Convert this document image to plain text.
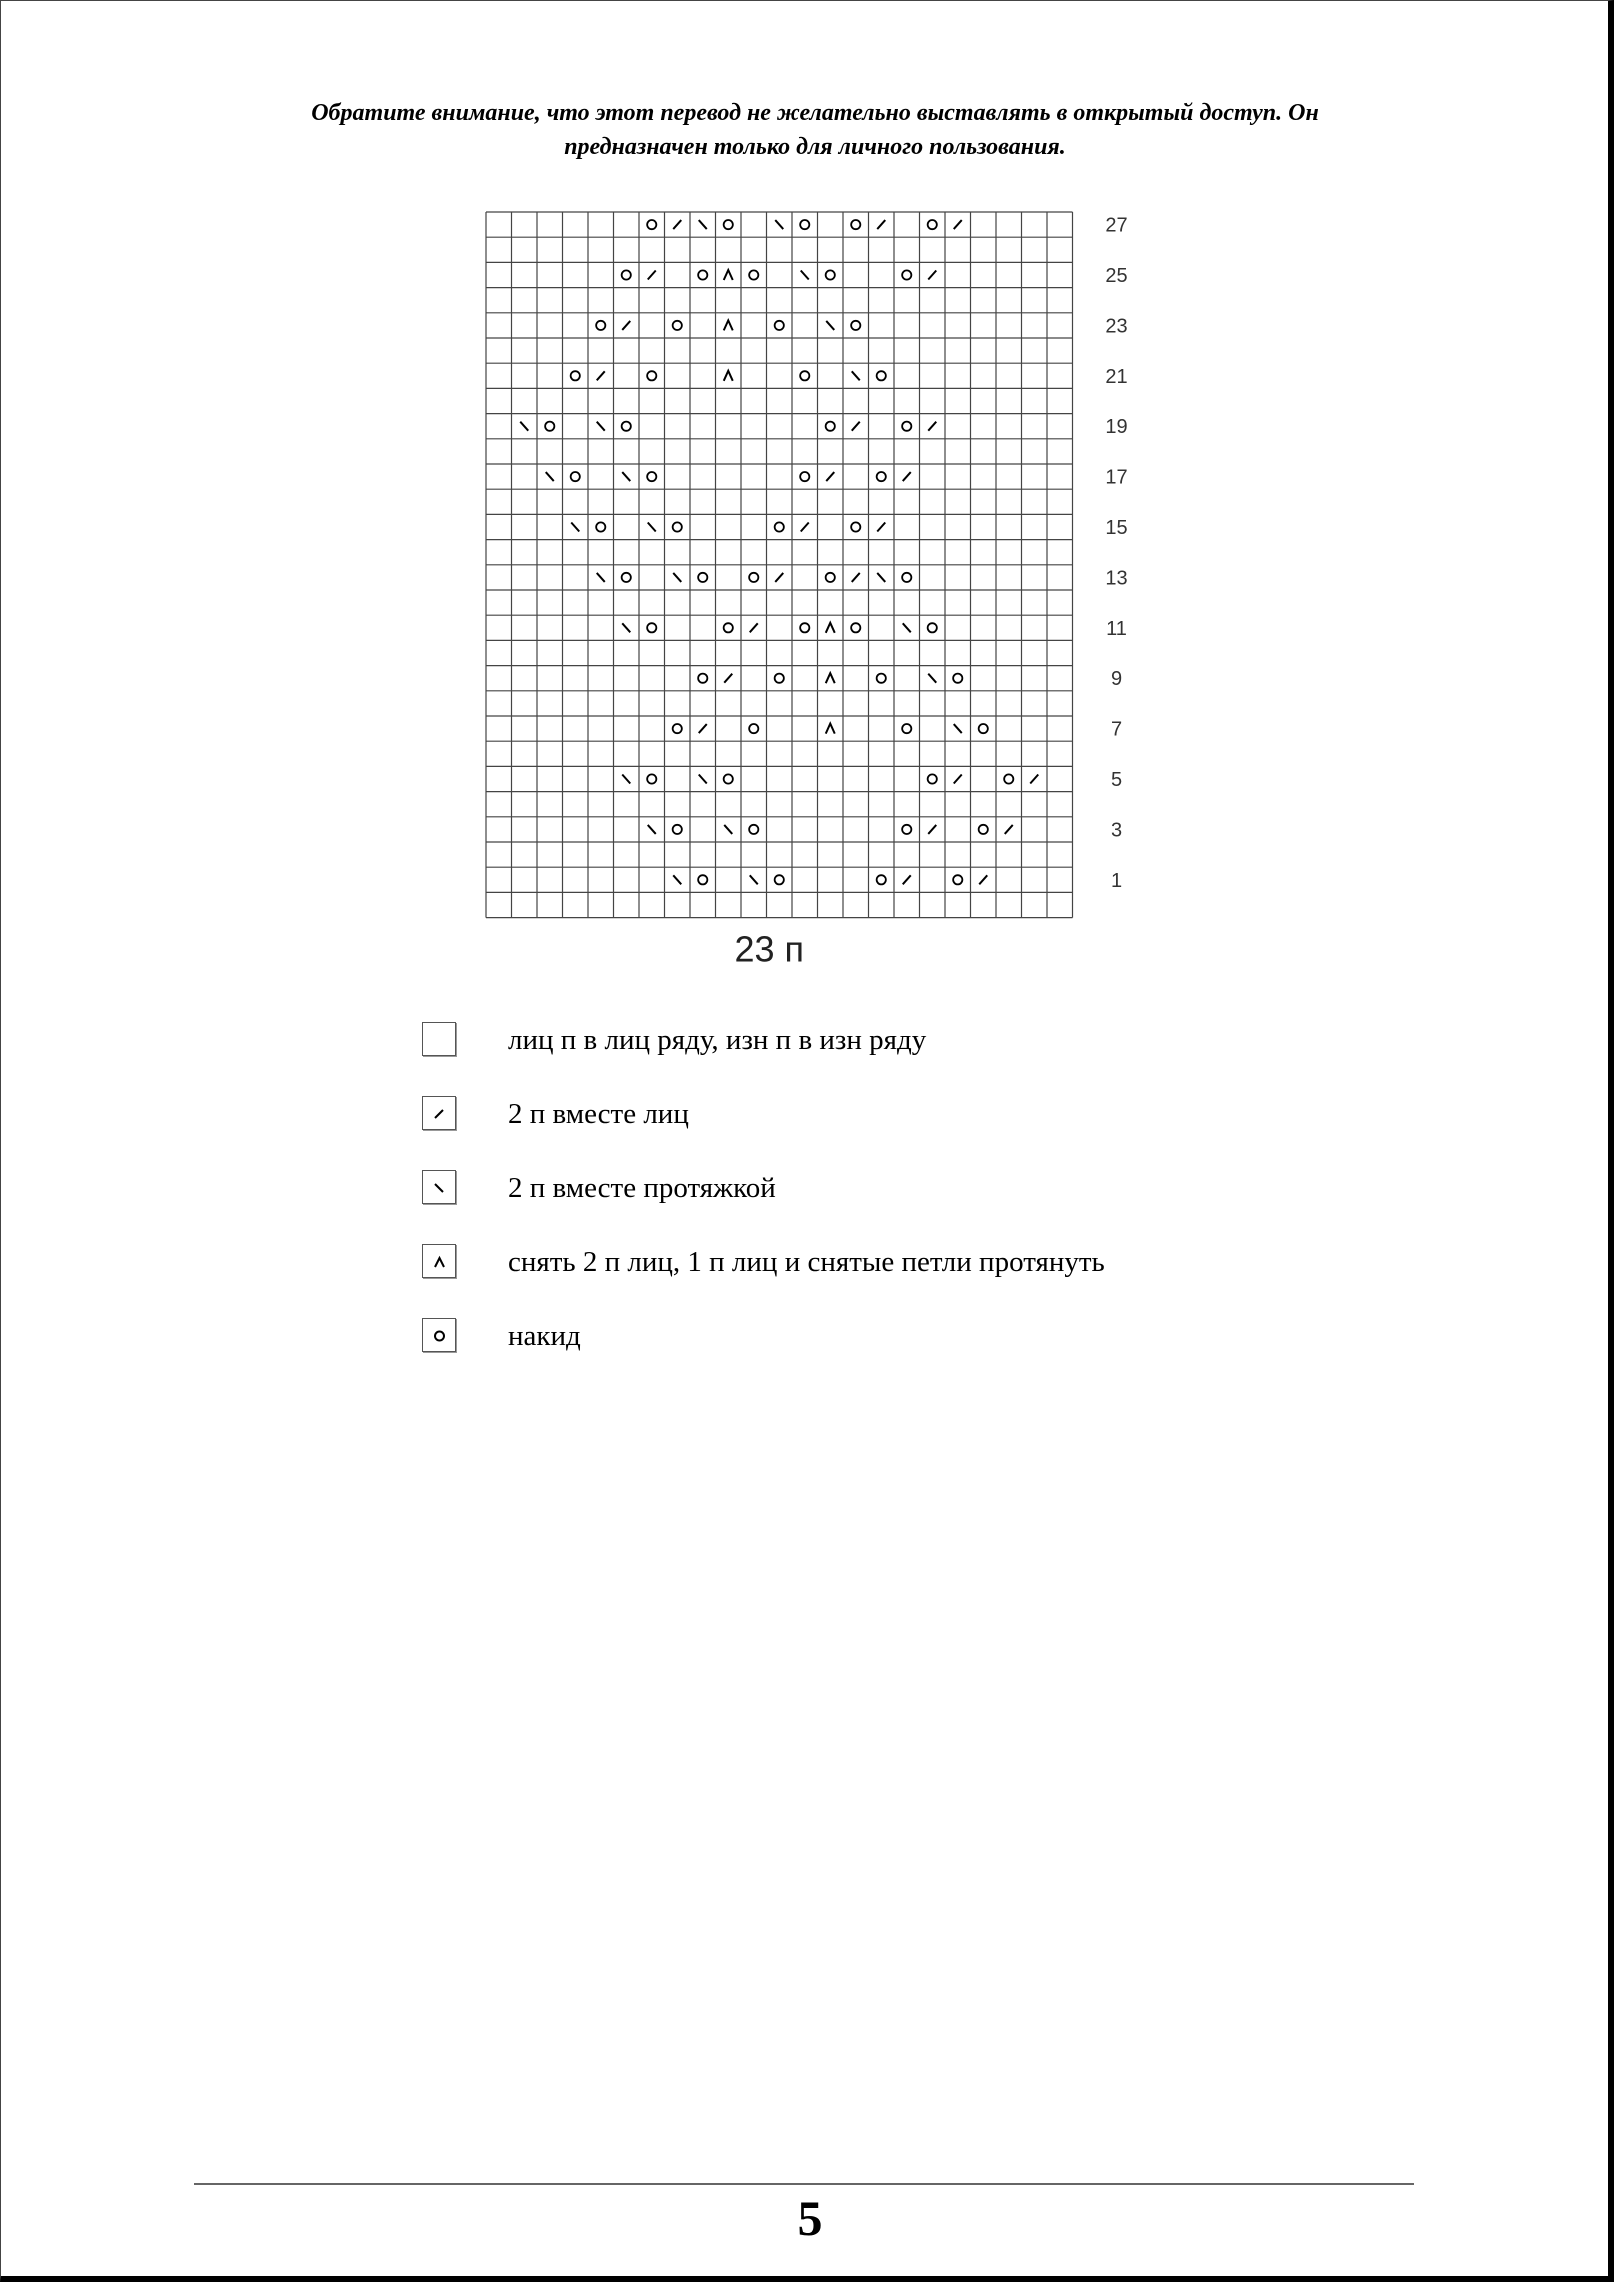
Обратите внимание, что этот перевод не желательно выставлять в открытый доступ. Он
предназначен только для личного пользования.
27
25
23
21
19
17
15
13
11
9
7
5
3
1
23 п
лиц п в лиц ряду, изн п в изн ряду
2 п вместе лиц
2 п вместе протяжкой
снять 2 п лиц, 1 п лиц и снятые петли протянуть
накид
5
